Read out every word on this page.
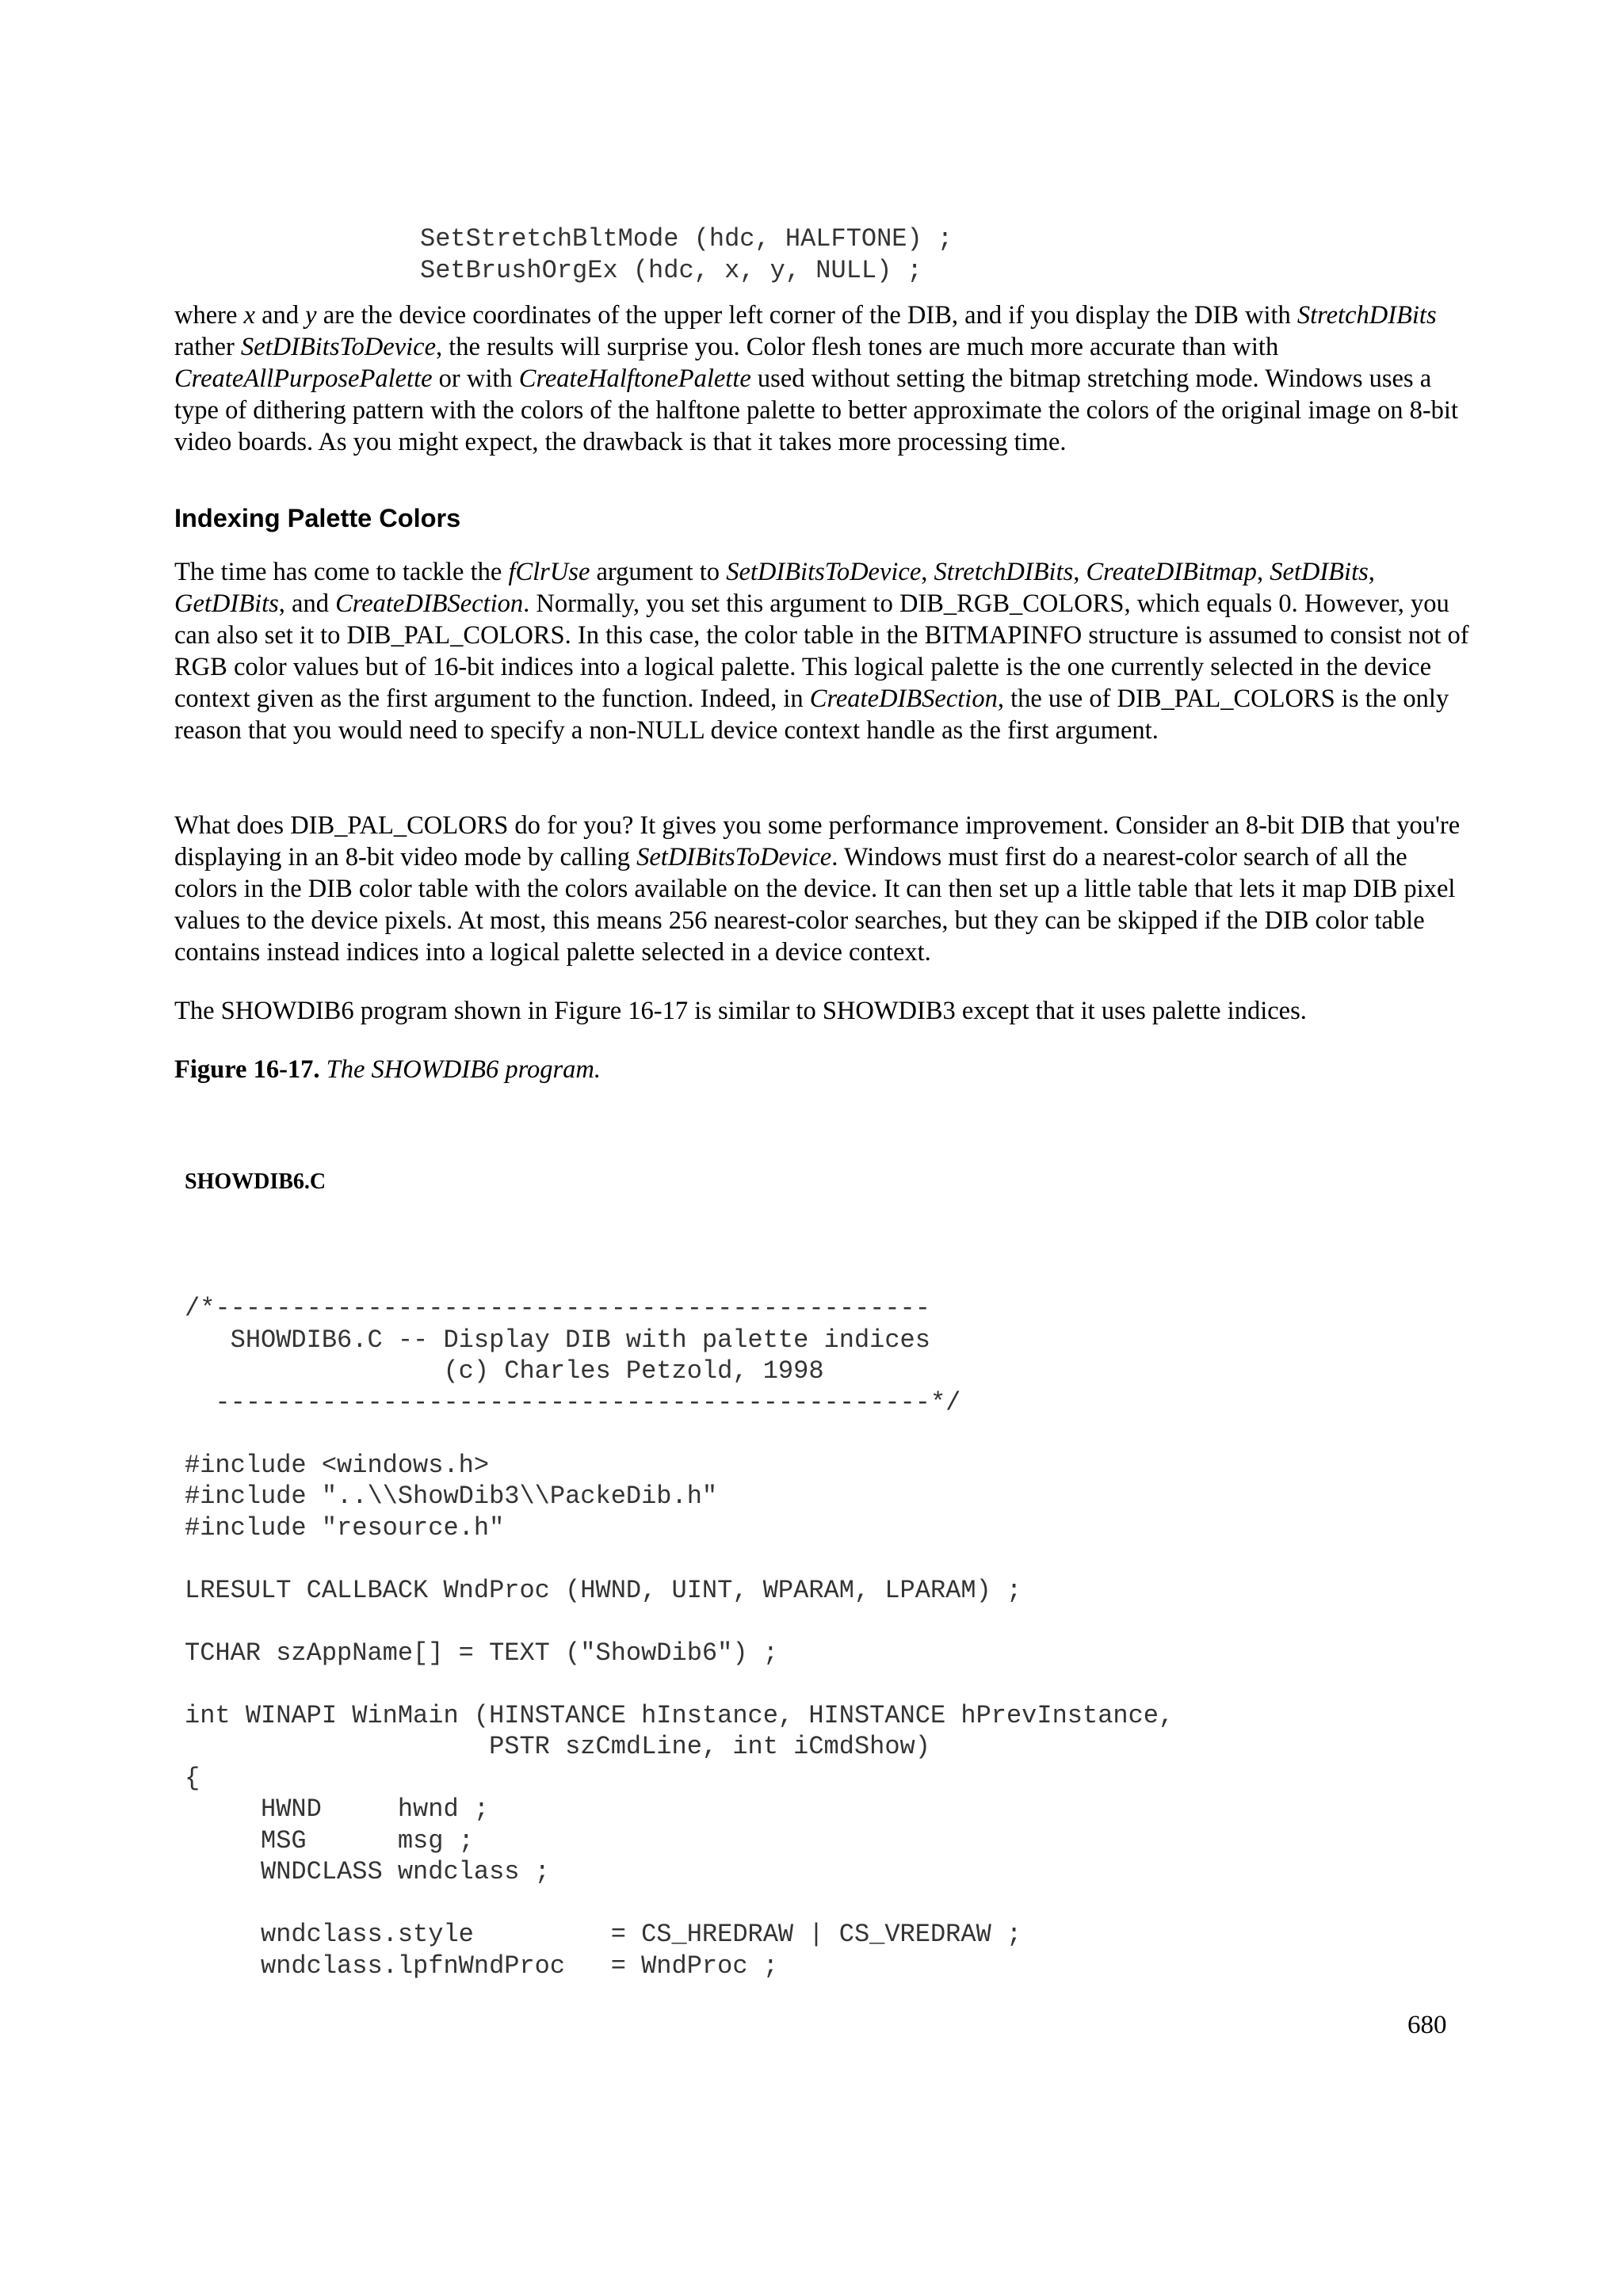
SetStretchBltMode (hdc, HALFTONE) ;
SetBrushOrgEx (hdc, x, y, NULL) ;

where x and y are the device coordinates of the upper left corner of the DIB, and if you display the DIB with StretchDIBits rather SetDIBitsToDevice, the results will surprise you. Color flesh tones are much more accurate than with CreateAllPurposePalette or with CreateHalftonePalette used without setting the bitmap stretching mode. Windows uses a type of dithering pattern with the colors of the halftone palette to better approximate the colors of the original image on 8-bit video boards. As you might expect, the drawback is that it takes more processing time.

Indexing Palette Colors

The time has come to tackle the fClrUse argument to SetDIBitsToDevice, StretchDIBits, CreateDIBitmap, SetDIBits, GetDIBits, and CreateDIBSection. Normally, you set this argument to DIB_RGB_COLORS, which equals 0. However, you can also set it to DIB_PAL_COLORS. In this case, the color table in the BITMAPINFO structure is assumed to consist not of RGB color values but of 16-bit indices into a logical palette. This logical palette is the one currently selected in the device context given as the first argument to the function. Indeed, in CreateDIBSection, the use of DIB_PAL_COLORS is the only reason that you would need to specify a non-NULL device context handle as the first argument.

What does DIB_PAL_COLORS do for you? It gives you some performance improvement. Consider an 8-bit DIB that you're displaying in an 8-bit video mode by calling SetDIBitsToDevice. Windows must first do a nearest-color search of all the colors in the DIB color table with the colors available on the device. It can then set up a little table that lets it map DIB pixel values to the device pixels. At most, this means 256 nearest-color searches, but they can be skipped if the DIB color table contains instead indices into a logical palette selected in a device context.

The SHOWDIB6 program shown in Figure 16-17 is similar to SHOWDIB3 except that it uses palette indices.

Figure 16-17. The SHOWDIB6 program.

SHOWDIB6.C

/*-----------------------------------------------
SHOWDIB6.C -- Display DIB with palette indices
(c) Charles Petzold, 1998
-----------------------------------------------*/

#include <windows.h>
#include "..\\ShowDib3\\PackeDib.h"
#include "resource.h"

LRESULT CALLBACK WndProc (HWND, UINT, WPARAM, LPARAM) ;

TCHAR szAppName[] = TEXT ("ShowDib6") ;

int WINAPI WinMain (HINSTANCE hInstance, HINSTANCE hPrevInstance,
PSTR szCmdLine, int iCmdShow)
{
HWND     hwnd ;
MSG      msg ;
WNDCLASS wndclass ;

wndclass.style         = CS_HREDRAW | CS_VREDRAW ;
wndclass.lpfnWndProc   = WndProc ;

680
